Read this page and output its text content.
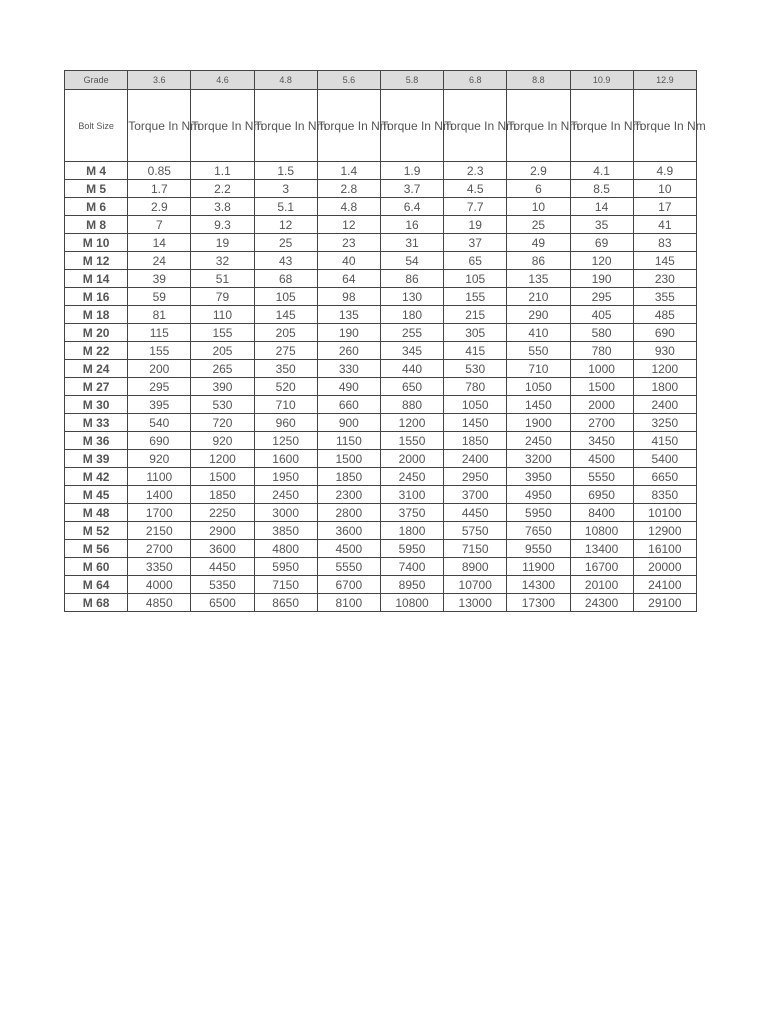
Grade	3.6	4.6	4.8	5.6	5.8	6.8	8.8	10.9	12.9
Bolt Size	Torque In Nm	Torque In Nm	Torque In Nm	Torque In Nm	Torque In Nm	Torque In Nm	Torque In Nm	Torque In Nm	Torque In Nm
M 4	0.85	1.1	1.5	1.4	1.9	2.3	2.9	4.1	4.9
M 5	1.7	2.2	3	2.8	3.7	4.5	6	8.5	10
M 6	2.9	3.8	5.1	4.8	6.4	7.7	10	14	17
M 8	7	9.3	12	12	16	19	25	35	41
M 10	14	19	25	23	31	37	49	69	83
M 12	24	32	43	40	54	65	86	120	145
M 14	39	51	68	64	86	105	135	190	230
M 16	59	79	105	98	130	155	210	295	355
M 18	81	110	145	135	180	215	290	405	485
M 20	115	155	205	190	255	305	410	580	690
M 22	155	205	275	260	345	415	550	780	930
M 24	200	265	350	330	440	530	710	1000	1200
M 27	295	390	520	490	650	780	1050	1500	1800
M 30	395	530	710	660	880	1050	1450	2000	2400
M 33	540	720	960	900	1200	1450	1900	2700	3250
M 36	690	920	1250	1150	1550	1850	2450	3450	4150
M 39	920	1200	1600	1500	2000	2400	3200	4500	5400
M 42	1100	1500	1950	1850	2450	2950	3950	5550	6650
M 45	1400	1850	2450	2300	3100	3700	4950	6950	8350
M 48	1700	2250	3000	2800	3750	4450	5950	8400	10100
M 52	2150	2900	3850	3600	1800	5750	7650	10800	12900
M 56	2700	3600	4800	4500	5950	7150	9550	13400	16100
M 60	3350	4450	5950	5550	7400	8900	11900	16700	20000
M 64	4000	5350	7150	6700	8950	10700	14300	20100	24100
M 68	4850	6500	8650	8100	10800	13000	17300	24300	29100
